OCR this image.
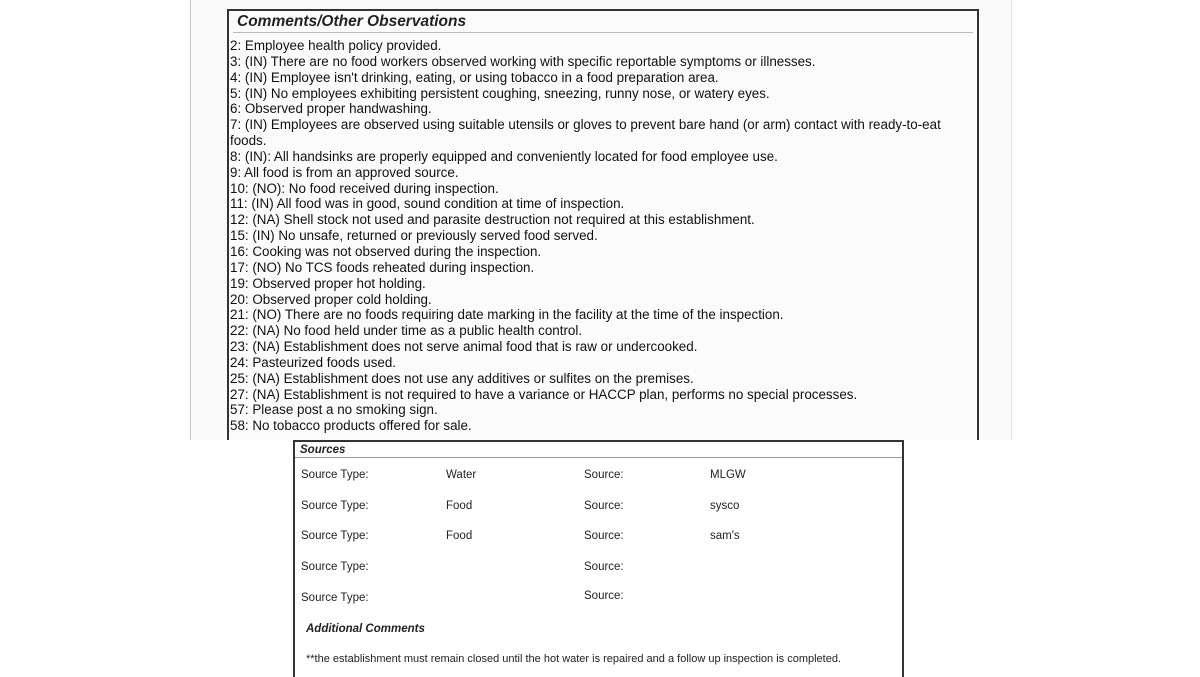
Comments/Other Observations
2: Employee health policy provided.
3: (IN) There are no food workers observed working with specific reportable symptoms or illnesses.
4: (IN) Employee isn't drinking, eating, or using tobacco in a food preparation area.
5: (IN) No employees exhibiting persistent coughing, sneezing, runny nose, or watery eyes.
6: Observed proper handwashing.
7: (IN) Employees are observed using suitable utensils or gloves to prevent bare hand (or arm) contact with ready-to-eat foods.
8: (IN): All handsinks are properly equipped and conveniently located for food employee use.
9: All food is from an approved source.
10: (NO): No food received during inspection.
11: (IN) All food was in good, sound condition at time of inspection.
12: (NA) Shell stock not used and parasite destruction not required at this establishment.
15: (IN) No unsafe, returned or previously served food served.
16: Cooking was not observed during the inspection.
17: (NO) No TCS foods reheated during inspection.
19: Observed proper hot holding.
20: Observed proper cold holding.
21: (NO) There are no foods requiring date marking in the facility at the time of the inspection.
22: (NA) No food held under time as a public health control.
23: (NA) Establishment does not serve animal food that is raw or undercooked.
24: Pasteurized foods used.
25: (NA) Establishment does not use any additives or sulfites on the premises.
27: (NA) Establishment is not required to have a variance or HACCP plan, performs no special processes.
57: Please post a no smoking sign.
58: No tobacco products offered for sale.
Sources
Source Type:	Water	Source:	MLGW
Source Type:	Food	Source:	sysco
Source Type:	Food	Source:	sam's
Source Type:	Source:
Source Type:	Source:
Additional Comments
**the establishment must remain closed until the hot water is repaired and a follow up inspection is completed.
